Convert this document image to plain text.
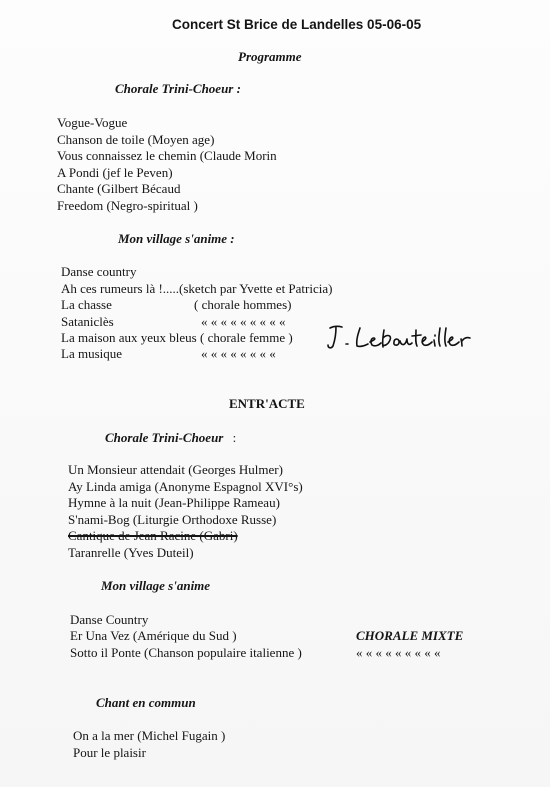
Concert St Brice de Landelles 05-06-05
Programme
Chorale Trini-Choeur :
Vogue-Vogue
Chanson de toile (Moyen age)
Vous connaissez le chemin (Claude Morin
A Pondi (jef le Peven)
Chante (Gilbert Bécaud
Freedom (Negro-spiritual )
Mon village s'anime :
Danse country
Ah ces rumeurs là !.....(sketch par Yvette et Patricia)
La chasse	( chorale hommes)
Sataniclès	« « « « « « « « «
La maison aux yeux bleus ( chorale femme )
La musique	« « « « « « « «
ENTR'ACTE
Chorale Trini-Choeur :
Un Monsieur attendait (Georges Hulmer)
Ay Linda amiga (Anonyme Espagnol XVI°s)
Hymne à la nuit (Jean-Philippe Rameau)
S'nami-Bog (Liturgie Orthodoxe Russe)
Cantique de Jean Racine (Gabri)
Taranrelle (Yves Duteil)
Mon village s'anime
Danse Country
Er Una Vez (Amérique du Sud )	CHORALE MIXTE
Sotto il Ponte (Chanson populaire italienne )	« « « « « « « « «
Chant en commun
On a la mer (Michel Fugain )
Pour le plaisir
